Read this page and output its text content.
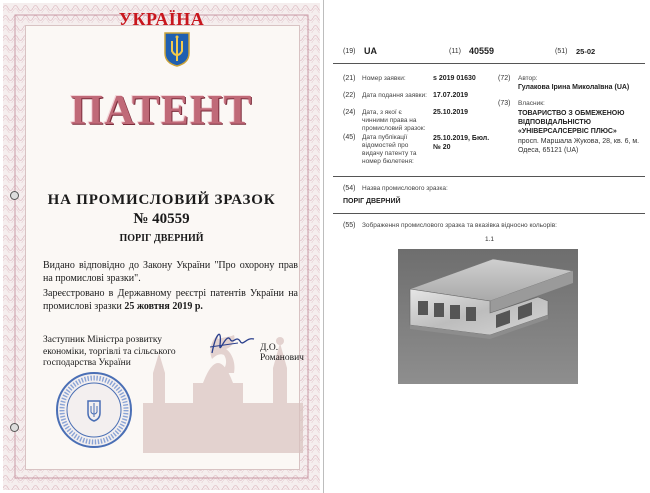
УКРАЇНА
ПАТЕНТ
НА ПРОМИСЛОВИЙ ЗРАЗОК
№ 40559
ПОРІГ ДВЕРНИЙ
Видано відповідно до Закону України "Про охорону прав на промислові зразки".
Зареєстровано в Державному реєстрі патентів України на промислові зразки 25 жовтня 2019 р.
Заступник Міністра розвитку
економіки, торгівлі та сільського
господарства України
Д.О. Романович
(19) UA	(11) 40559	(51) 25-02
(21) Номер заявки:	s 2019 01630
(22) Дата подання заявки: 17.07.2019
(24) Дата, з якої є чинними права на промисловий зразок:
25.10.2019
(45) Дата публікації відомостей про видачу патенту та номер бюлетеня:
25.10.2019, Бюл. № 20
(72) Автор:
Гулакова Ірина Миколаївна (UA)
(73) Власник:
ТОВАРИСТВО З ОБМЕЖЕНОЮ ВІДПОВІДАЛЬНІСТЮ «УНІВЕРСАЛСЕРВІС ПЛЮС»
просп. Маршала Жукова, 28, кв. 6, м. Одеса, 65121 (UA)
(54) Назва промислового зразка:
ПОРІГ ДВЕРНИЙ
(55) Зображення промислового зразка та вказівка відносно кольорів:
1.1
